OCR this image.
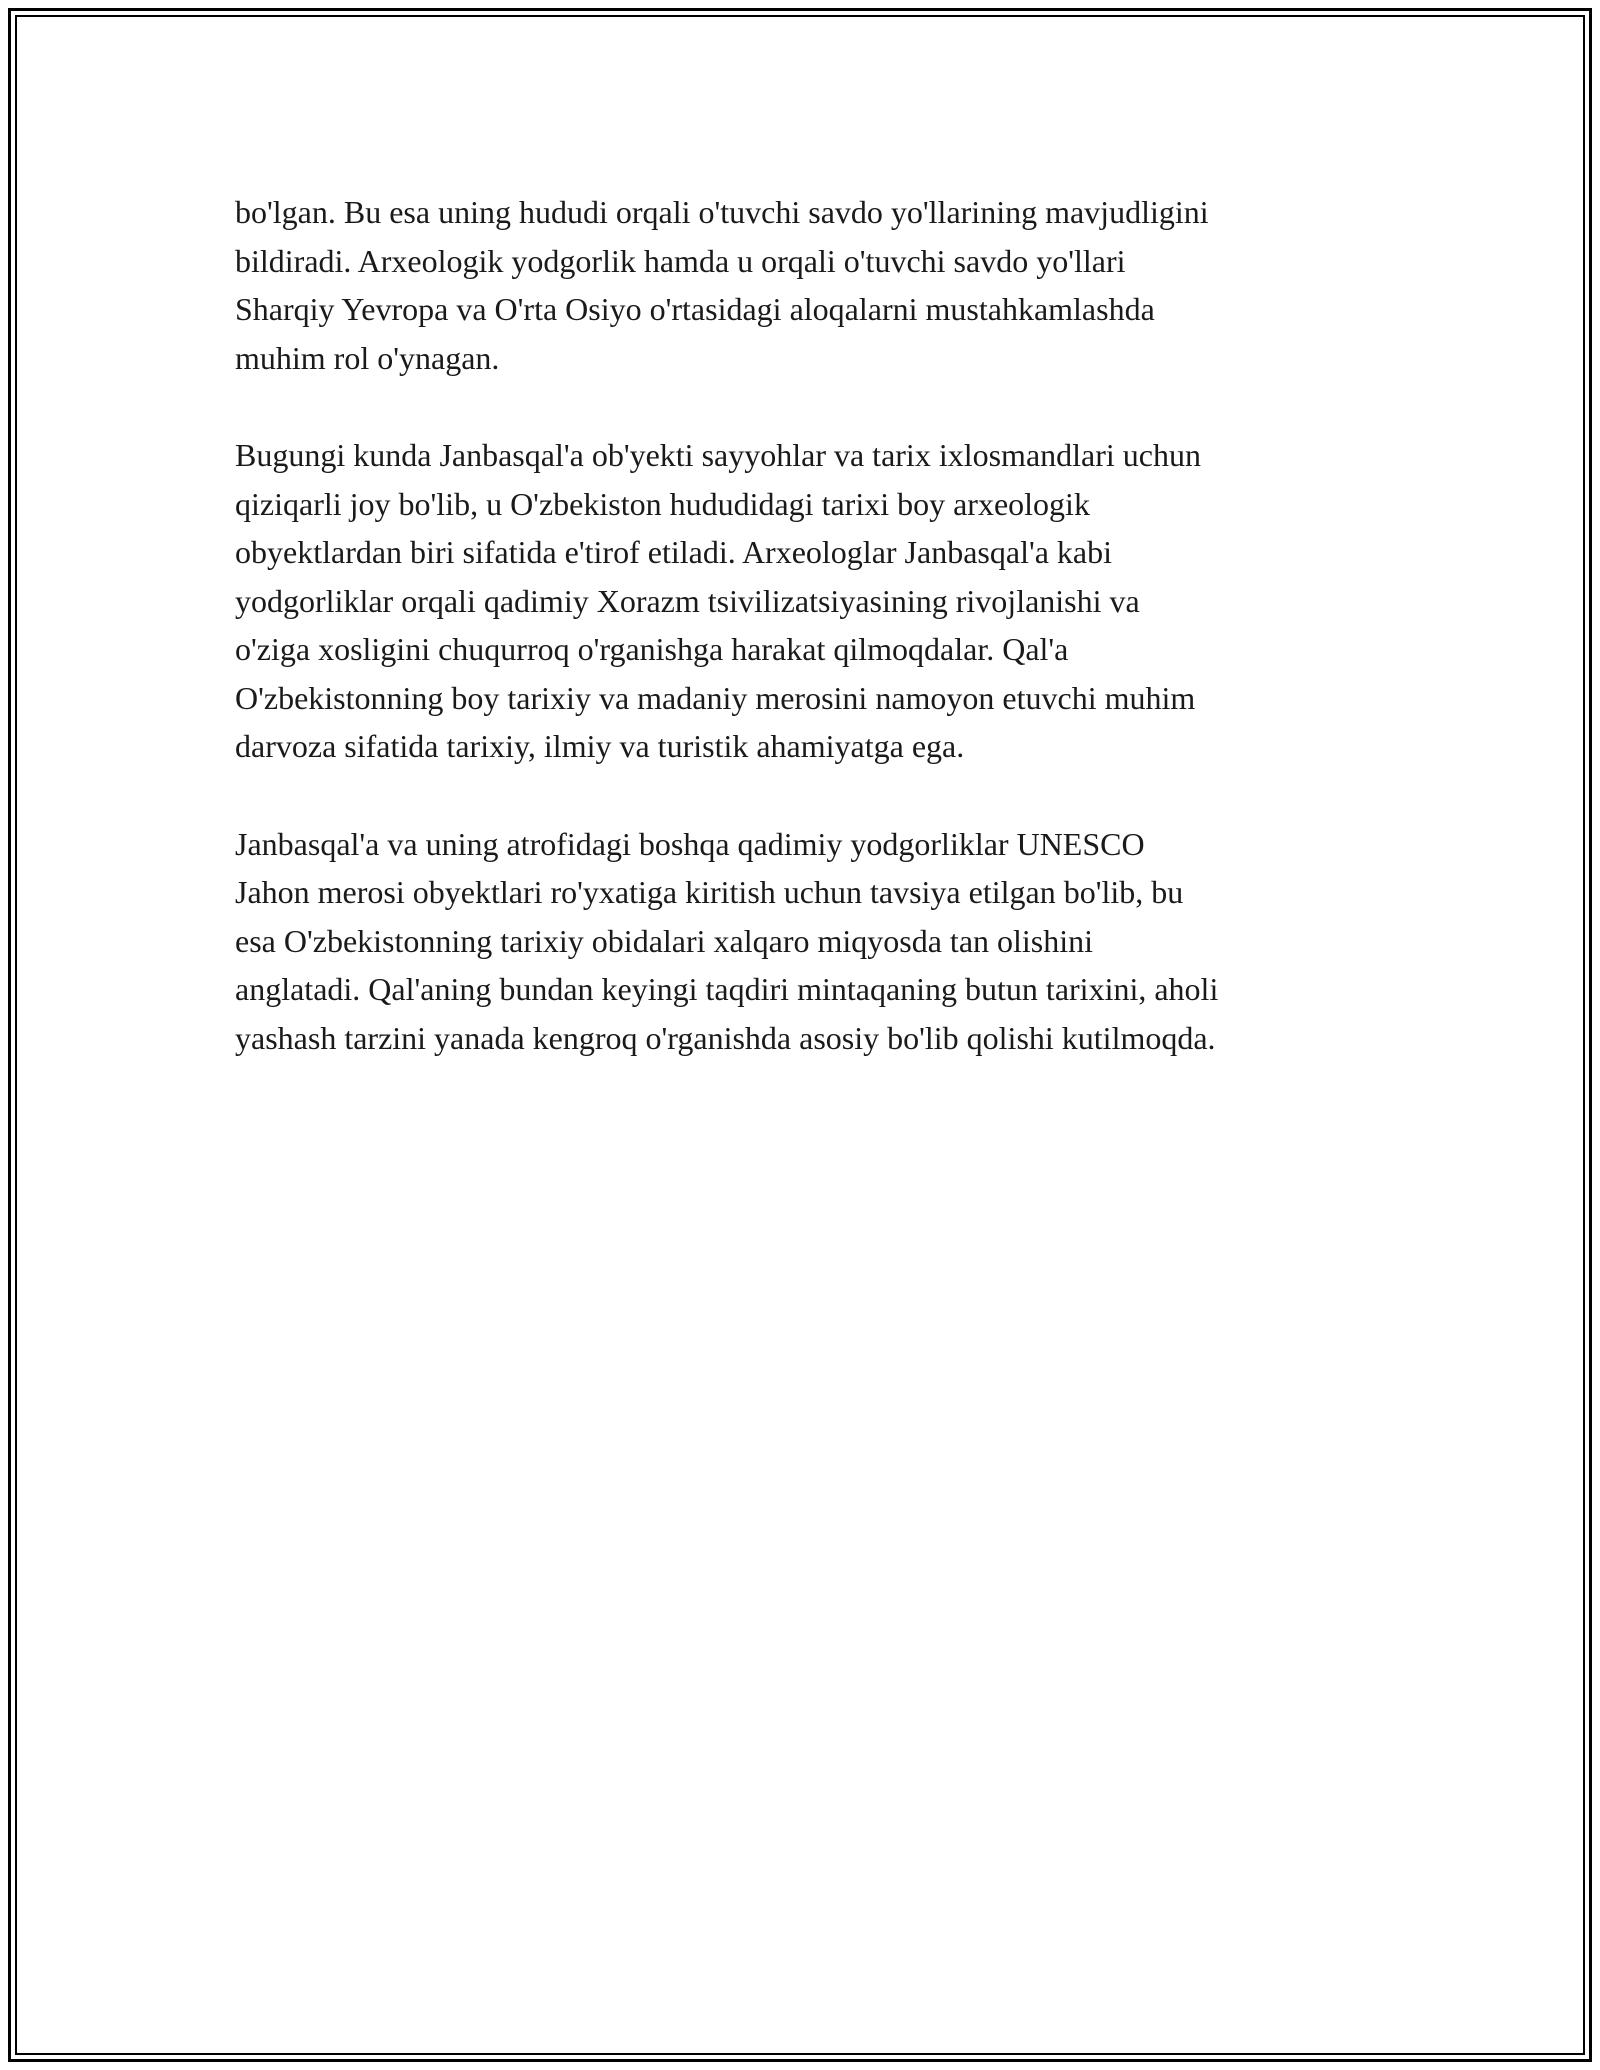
bo'lgan. Bu esa uning hududi orqali o'tuvchi savdo yo'llarining mavjudligini
bildiradi. Arxeologik yodgorlik hamda u orqali o'tuvchi savdo yo'llari
Sharqiy Yevropa va O'rta Osiyo o'rtasidagi aloqalarni mustahkamlashda
muhim rol o'ynagan.

Bugungi kunda Janbasqal'a ob'yekti sayyohlar va tarix ixlosmandlari uchun
qiziqarli joy bo'lib, u O'zbekiston hududidagi tarixi boy arxeologik
obyektlardan biri sifatida e'tirof etiladi. Arxeologlar Janbasqal'a kabi
yodgorliklar orqali qadimiy Xorazm tsivilizatsiyasining rivojlanishi va
o'ziga xosligini chuqurroq o'rganishga harakat qilmoqdalar. Qal'a
O'zbekistonning boy tarixiy va madaniy merosini namoyon etuvchi muhim
darvoza sifatida tarixiy, ilmiy va turistik ahamiyatga ega.

Janbasqal'a va uning atrofidagi boshqa qadimiy yodgorliklar UNESCO
Jahon merosi obyektlari ro'yxatiga kiritish uchun tavsiya etilgan bo'lib, bu
esa O'zbekistonning tarixiy obidalari xalqaro miqyosda tan olishini
anglatadi. Qal'aning bundan keyingi taqdiri mintaqaning butun tarixini, aholi
yashash tarzini yanada kengroq o'rganishda asosiy bo'lib qolishi kutilmoqda.
